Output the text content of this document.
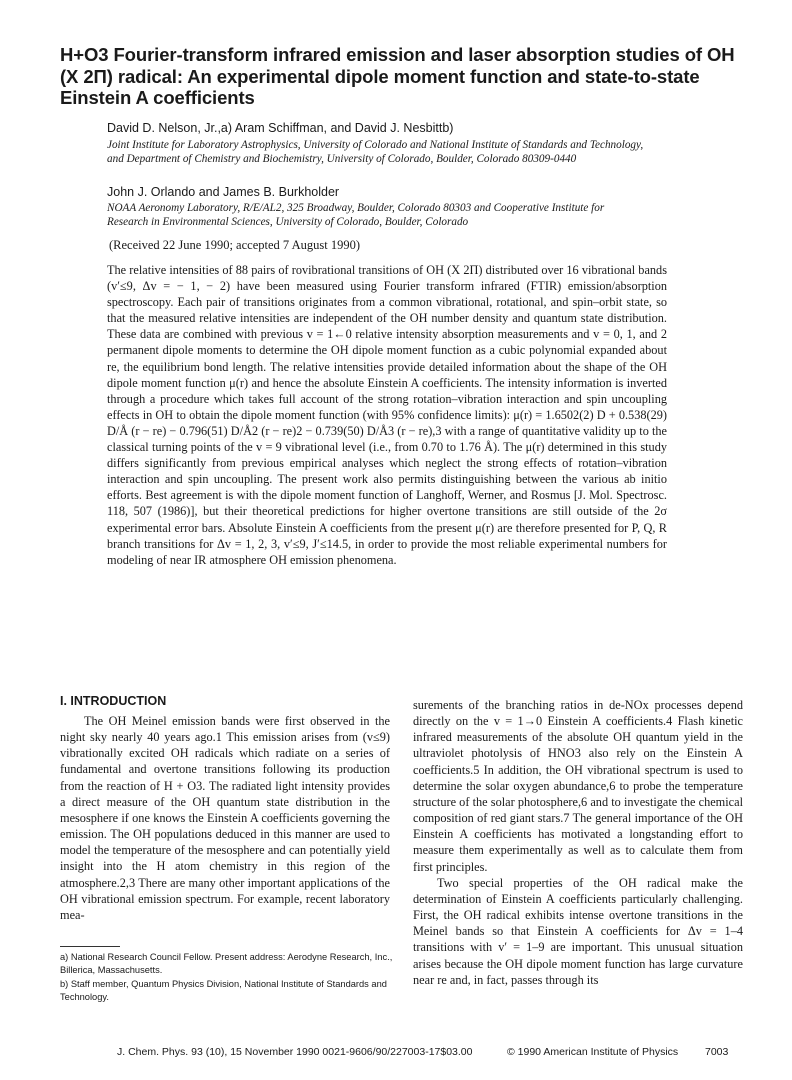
H+O3 Fourier-transform infrared emission and laser absorption studies of OH (X 2Π) radical: An experimental dipole moment function and state-to-state Einstein A coefficients
David D. Nelson, Jr.,a) Aram Schiffman, and David J. Nesbittb)
Joint Institute for Laboratory Astrophysics, University of Colorado and National Institute of Standards and Technology, and Department of Chemistry and Biochemistry, University of Colorado, Boulder, Colorado 80309-0440
John J. Orlando and James B. Burkholder
NOAA Aeronomy Laboratory, R/E/AL2, 325 Broadway, Boulder, Colorado 80303 and Cooperative Institute for Research in Environmental Sciences, University of Colorado, Boulder, Colorado
(Received 22 June 1990; accepted 7 August 1990)
The relative intensities of 88 pairs of rovibrational transitions of OH (X 2Π) distributed over 16 vibrational bands (v′≤9, Δv = − 1, − 2) have been measured using Fourier transform infrared (FTIR) emission/absorption spectroscopy. Each pair of transitions originates from a common vibrational, rotational, and spin–orbit state, so that the measured relative intensities are independent of the OH number density and quantum state distribution. These data are combined with previous v = 1←0 relative intensity absorption measurements and v = 0, 1, and 2 permanent dipole moments to determine the OH dipole moment function as a cubic polynomial expanded about re, the equilibrium bond length. The relative intensities provide detailed information about the shape of the OH dipole moment function μ(r) and hence the absolute Einstein A coefficients. The intensity information is inverted through a procedure which takes full account of the strong rotation–vibration interaction and spin uncoupling effects in OH to obtain the dipole moment function (with 95% confidence limits): μ(r) = 1.6502(2) D + 0.538(29) D/Å (r − re) − 0.796(51) D/Å2 (r − re)2 − 0.739(50) D/Å3 (r − re),3 with a range of quantitative validity up to the classical turning points of the v = 9 vibrational level (i.e., from 0.70 to 1.76 Å). The μ(r) determined in this study differs significantly from previous empirical analyses which neglect the strong effects of rotation–vibration interaction and spin uncoupling. The present work also permits distinguishing between the various ab initio efforts. Best agreement is with the dipole moment function of Langhoff, Werner, and Rosmus [J. Mol. Spectrosc. 118, 507 (1986)], but their theoretical predictions for higher overtone transitions are still outside of the 2σ experimental error bars. Absolute Einstein A coefficients from the present μ(r) are therefore presented for P, Q, R branch transitions for Δv = 1, 2, 3, v′≤9, J′≤14.5, in order to provide the most reliable experimental numbers for modeling of near IR atmosphere OH emission phenomena.
I. INTRODUCTION

The OH Meinel emission bands were first observed in the night sky nearly 40 years ago.1 This emission arises from (v≤9) vibrationally excited OH radicals which radiate on a series of fundamental and overtone transitions following its production from the reaction of H + O3. The radiated light intensity provides a direct measure of the OH quantum state distribution in the mesosphere if one knows the Einstein A coefficients governing the emission. The OH populations deduced in this manner are used to model the temperature of the mesosphere and can potentially yield insight into the H atom chemistry in this region of the atmosphere.2,3 There are many other important applications of the OH vibrational emission spectrum. For example, recent laboratory mea-

surements of the branching ratios in de-NOx processes depend directly on the v = 1→0 Einstein A coefficients.4 Flash kinetic infrared measurements of the absolute OH quantum yield in the ultraviolet photolysis of HNO3 also rely on the Einstein A coefficients.5 In addition, the OH vibrational spectrum is used to determine the solar oxygen abundance,6 to probe the temperature structure of the solar photosphere,6 and to investigate the chemical composition of red giant stars.7 The general importance of the OH Einstein A coefficients has motivated a longstanding effort to measure them experimentally as well as to calculate them from first principles.

Two special properties of the OH radical make the determination of Einstein A coefficients particularly challenging. First, the OH radical exhibits intense overtone transitions in the Meinel bands so that Einstein A coefficients for Δv = 1–4 transitions with v′ = 1–9 are important. This unusual situation arises because the OH dipole moment function has large curvature near re and, in fact, passes through its

a) National Research Council Fellow. Present address: Aerodyne Research, Inc., Billerica, Massachusetts.
b) Staff member, Quantum Physics Division, National Institute of Standards and Technology.
J. Chem. Phys. 93 (10), 15 November 1990 0021-9606/90/227003-17$03.00	© 1990 American Institute of Physics	7003
